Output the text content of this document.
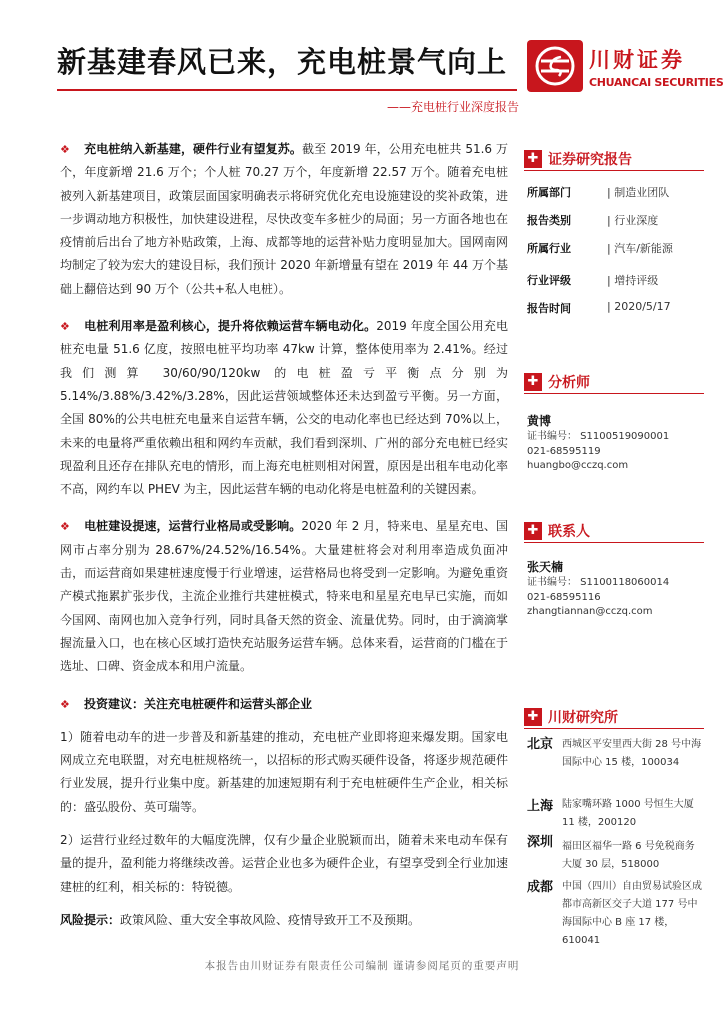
新基建春风已来，充电桩景气向上	川财证券
CHUANCAI SECURITIES
——充电桩行业深度报告

❖ 充电桩纳入新基建，硬件行业有望复苏。截至 2019 年，公用充电桩共 51.6 万个，年度新增 21.6 万个；个人桩 70.27 万个，年度新增 22.57 万个。随着充电桩被列入新基建项目，政策层面国家明确表示将研究优化充电设施建设的奖补政策，进一步调动地方积极性，加快建设进程，尽快改变车多桩少的局面；另一方面各地也在疫情前后出台了地方补贴政策，上海、成都等地的运营补贴力度明显加大。国网南网均制定了较为宏大的建设目标，我们预计 2020 年新增量有望在 2019 年 44 万个基础上翻倍达到 90 万个（公共+私人电桩）。

❖ 电桩利用率是盈利核心，提升将依赖运营车辆电动化。2019 年度全国公用充电桩充电量 51.6 亿度，按照电桩平均功率 47kw 计算，整体使用率为 2.41%。经过我们测算 30/60/90/120kw 的电桩盈亏平衡点分别为 5.14%/3.88%/3.42%/3.28%，因此运营领域整体还未达到盈亏平衡。另一方面，全国 80%的公共电桩充电量来自运营车辆，公交的电动化率也已经达到 70%以上，未来的电量将严重依赖出租和网约车贡献，我们看到深圳、广州的部分充电桩已经实现盈利且还存在排队充电的情形，而上海充电桩则相对闲置，原因是出租车电动化率不高，网约车以 PHEV 为主，因此运营车辆的电动化将是电桩盈利的关键因素。

❖ 电桩建设提速，运营行业格局或受影响。2020 年 2 月，特来电、星星充电、国网市占率分别为 28.67%/24.52%/16.54%。大量建桩将会对利用率造成负面冲击，而运营商如果建桩速度慢于行业增速，运营格局也将受到一定影响。为避免重资产模式拖累扩张步伐，主流企业推行共建桩模式，特来电和星星充电早已实施，而如今国网、南网也加入竞争行列，同时具备天然的资金、流量优势。同时，由于滴滴掌握流量入口，也在核心区域打造快充站服务运营车辆。总体来看，运营商的门槛在于选址、口碑、资金成本和用户流量。

❖ 投资建议：关注充电桩硬件和运营头部企业

1）随着电动车的进一步普及和新基建的推动，充电桩产业即将迎来爆发期。国家电网成立充电联盟，对充电桩规格统一，以招标的形式购买硬件设备，将逐步规范硬件行业发展，提升行业集中度。新基建的加速短期有利于充电桩硬件生产企业，相关标的：盛弘股份、英可瑞等。

2）运营行业经过数年的大幅度洗牌，仅有少量企业脱颖而出，随着未来电动车保有量的提升，盈利能力将继续改善。运营企业也多为硬件企业，有望享受到全行业加速建桩的红利，相关标的：特锐德。

风险提示：政策风险、重大安全事故风险、疫情导致开工不及预期。

✚ 证券研究报告
所属部门	| 制造业团队
报告类别	| 行业深度
所属行业	| 汽车/新能源
行业评级	| 增持评级
报告时间	| 2020/5/17
✚ 分析师
黄博
证书编号： S1100519090001
021-68595119
huangbo@cczq.com
✚ 联系人
张天楠
证书编号： S1100118060014
021-68595116
zhangtiannan@cczq.com
✚ 川财研究所
北京 西城区平安里西大街 28 号中海国际中心 15 楼，100034
上海 陆家嘴环路 1000 号恒生大厦 11 楼，200120
深圳 福田区福华一路 6 号免税商务大厦 30 层，518000
成都 中国（四川）自由贸易试验区成都市高新区交子大道 177 号中海国际中心 B 座 17 楼，610041
本报告由川财证券有限责任公司编制 谨请参阅尾页的重要声明
